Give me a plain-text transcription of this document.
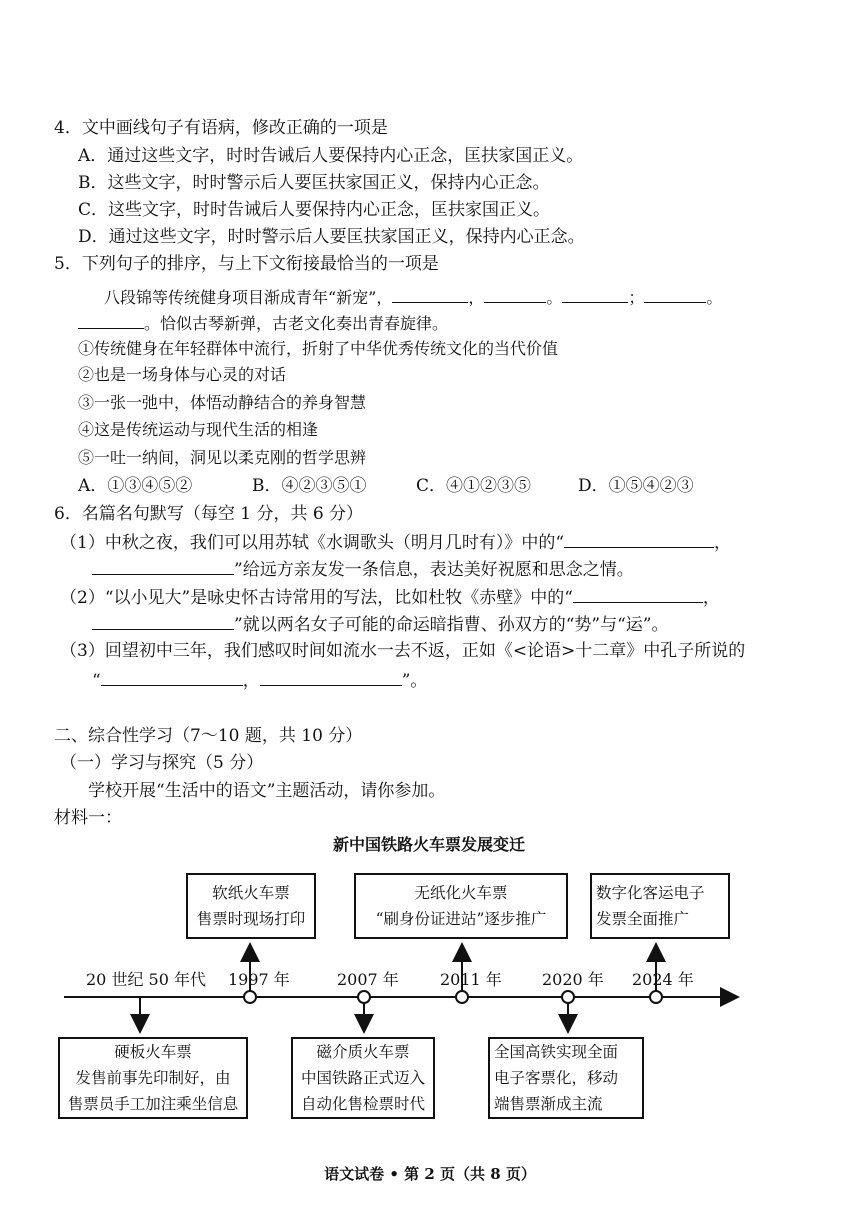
4．文中画线句子有语病，修改正确的一项是
A．通过这些文字，时时告诫后人要保持内心正念，匡扶家国正义。
B．这些文字，时时警示后人要匡扶家国正义，保持内心正念。
C．这些文字，时时告诫后人要保持内心正念，匡扶家国正义。
D．通过这些文字，时时警示后人要匡扶家国正义，保持内心正念。
5．下列句子的排序，与上下文衔接最恰当的一项是
八段锦等传统健身项目渐成青年“新宠”，	，	。	；	。
。恰似古琴新弹，古老文化奏出青春旋律。
①传统健身在年轻群体中流行，折射了中华优秀传统文化的当代价值
②也是一场身体与心灵的对话
③一张一弛中，体悟动静结合的养身智慧
④这是传统运动与现代生活的相逢
⑤一吐一纳间，洞见以柔克刚的哲学思辨
A．①③④⑤②	B．④②③⑤①	C．④①②③⑤	D．①⑤④②③
6．名篇名句默写（每空 1 分，共 6 分）
（1）中秋之夜，我们可以用苏轼《水调歌头（明月几时有）》中的“	，
”给远方亲友发一条信息，表达美好祝愿和思念之情。
（2）“以小见大”是咏史怀古诗常用的写法，比如杜牧《赤壁》中的“	，
”就以两名女子可能的命运暗指曹、孙双方的“势”与“运”。
（3）回望初中三年，我们感叹时间如流水一去不返，正如《<论语>十二章》中孔子所说的
“	，	”。
二、综合性学习（7～10 题，共 10 分）
（一）学习与探究（5 分）
学校开展“生活中的语文”主题活动，请你参加。
材料一：
新中国铁路火车票发展变迁
硬板火车票
发售前事先印制好，由
售票员手工加注乘坐信息
软纸火车票
售票时现场打印
磁介质火车票
中国铁路正式迈入
自动化售检票时代
无纸化火车票
“刷身份证进站”逐步推广
全国高铁实现全面
电子客票化，移动
端售票渐成主流
数字化客运电子
发票全面推广
20 世纪 50 年代 1997 年	2007 年	2011 年	2020 年 2024 年
语文试卷 • 第 2 页（共 8 页）
